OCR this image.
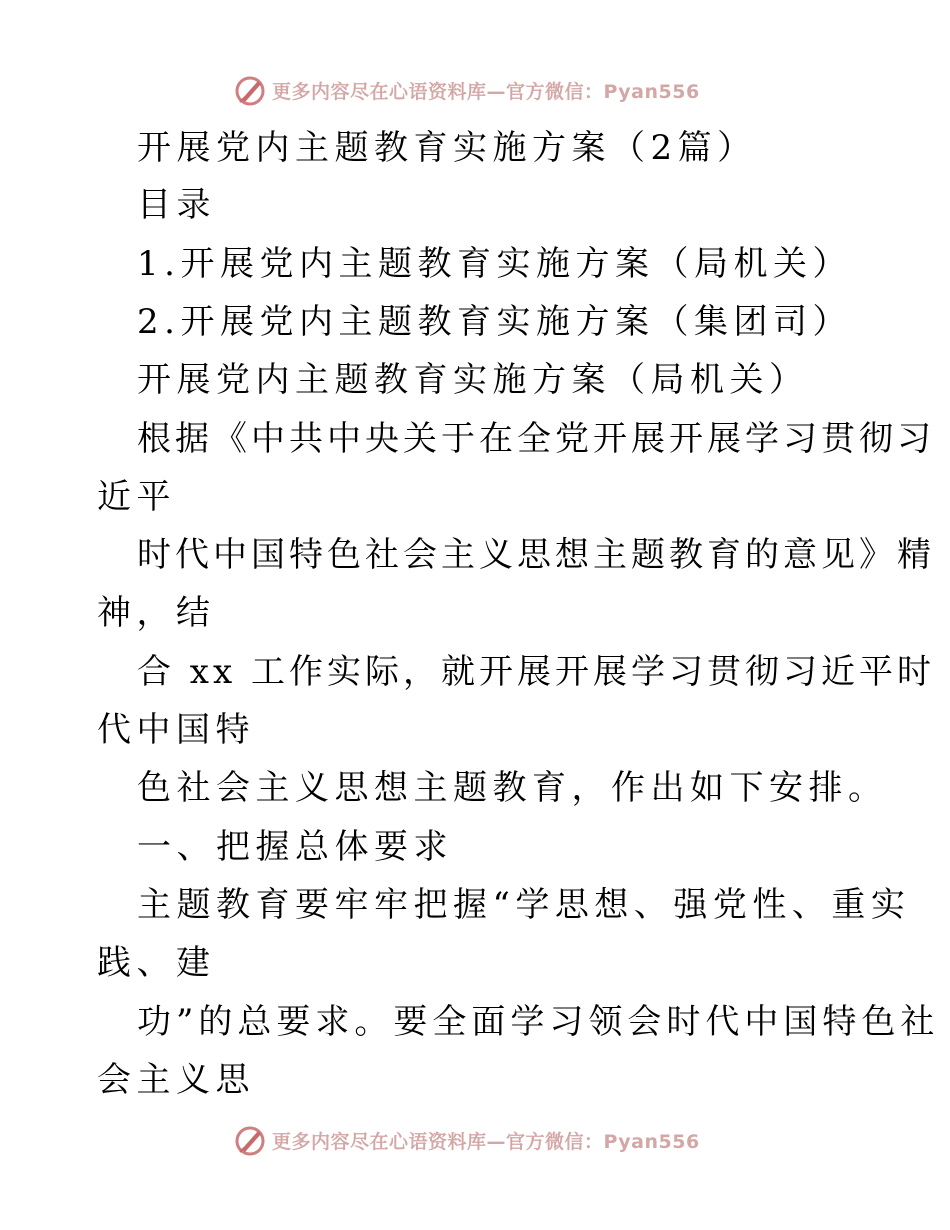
更多内容尽在心语资料库—官方微信：Pyan556
开展党内主题教育实施方案（2篇）
目录
1.开展党内主题教育实施方案（局机关）
2.开展党内主题教育实施方案（集团司）
开展党内主题教育实施方案（局机关）
根据《中共中央关于在全党开展开展学习贯彻习
近平
时代中国特色社会主义思想主题教育的意见》精
神，结
合 xx 工作实际，就开展开展学习贯彻习近平时
代中国特
色社会主义思想主题教育，作出如下安排。
一、把握总体要求
主题教育要牢牢把握“学思想、强党性、重实
践、建
功”的总要求。要全面学习领会时代中国特色社
会主义思
更多内容尽在心语资料库—官方微信：Pyan556
